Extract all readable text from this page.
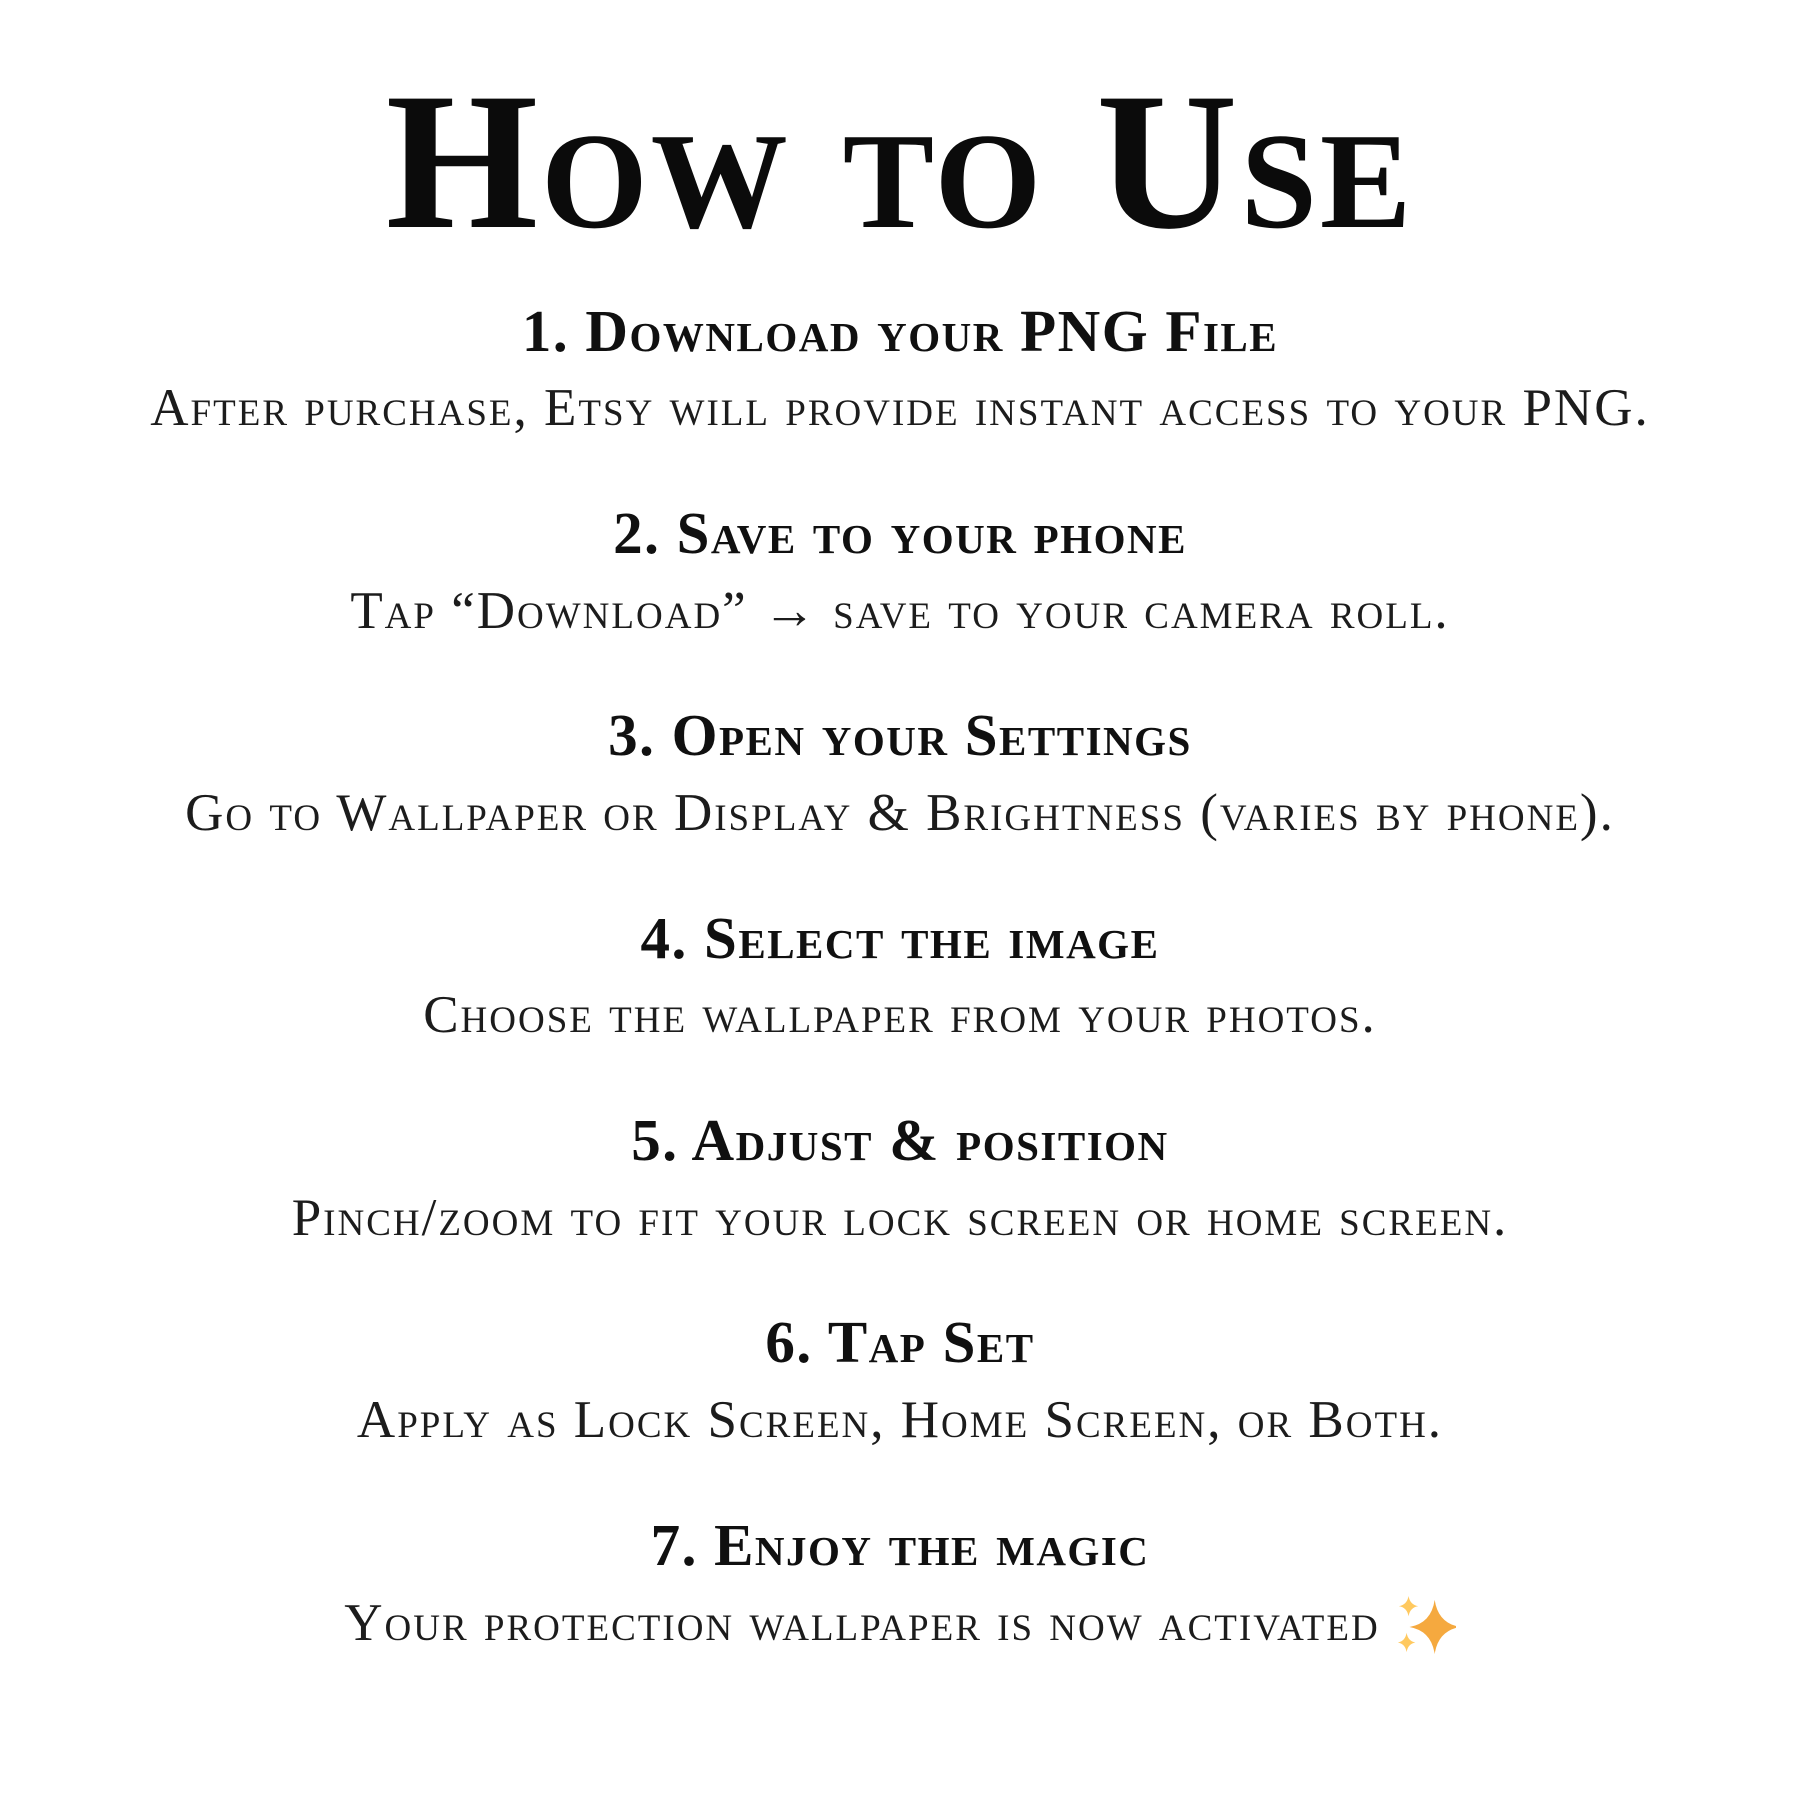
How to Use
1. Download your PNG File

After purchase, Etsy will provide instant access to your PNG.

2. Save to your phone

Tap “Download” → save to your camera roll.

3. Open your Settings

Go to Wallpaper or Display & Brightness (varies by phone).

4. Select the image

Choose the wallpaper from your photos.

5. Adjust & position

Pinch/zoom to fit your lock screen or home screen.

6. Tap Set

Apply as Lock Screen, Home Screen, or Both.

7. Enjoy the magic

Your protection wallpaper is now activated
